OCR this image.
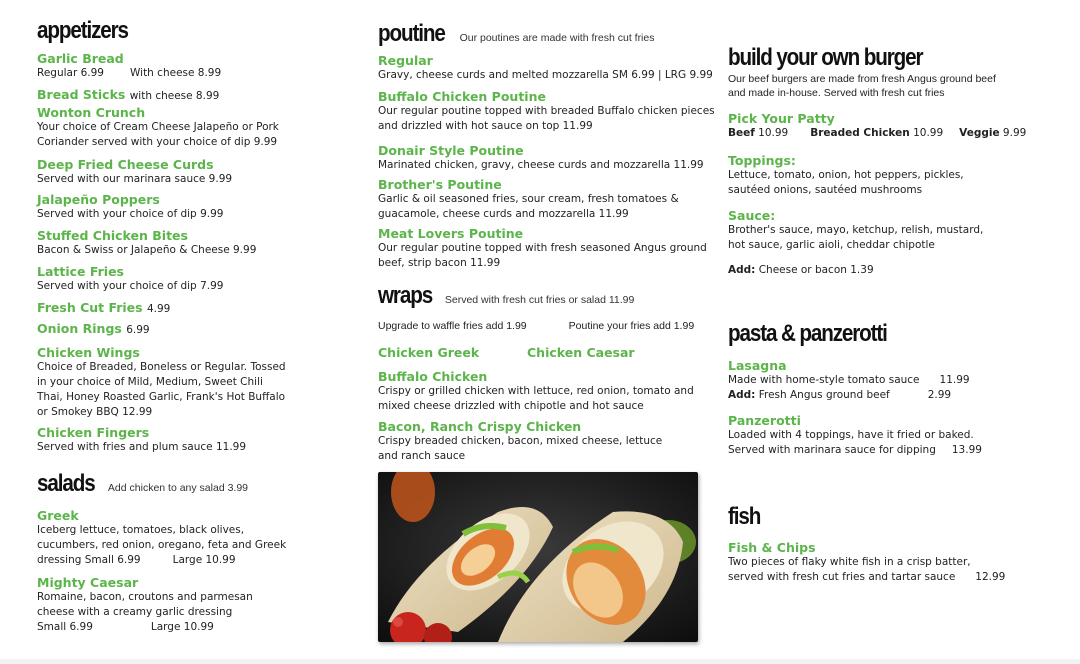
appetizers
Garlic Bread
Regular 6.99 With cheese 8.99
Bread Sticks with cheese 8.99
Wonton Crunch
Your choice of Cream Cheese Jalapeño or Pork
Coriander served with your choice of dip 9.99
Deep Fried Cheese Curds
Served with our marinara sauce 9.99
Jalapeño Poppers
Served with your choice of dip 9.99
Stuffed Chicken Bites
Bacon & Swiss or Jalapeño & Cheese 9.99
Lattice Fries
Served with your choice of dip 7.99
Fresh Cut Fries 4.99
Onion Rings 6.99
Chicken Wings
Choice of Breaded, Boneless or Regular. Tossed
in your choice of Mild, Medium, Sweet Chili
Thai, Honey Roasted Garlic, Frank's Hot Buffalo
or Smokey BBQ 12.99
Chicken Fingers
Served with fries and plum sauce 11.99
salads Add chicken to any salad 3.99
Greek
Iceberg lettuce, tomatoes, black olives,
cucumbers, red onion, oregano, feta and Greek
dressing Small 6.99	Large 10.99
Mighty Caesar
Romaine, bacon, croutons and parmesan
cheese with a creamy garlic dressing
Small 6.99	Large 10.99
poutine Our poutines are made with fresh cut fries
Regular
Gravy, cheese curds and melted mozzarella SM 6.99 | LRG 9.99
Buffalo Chicken Poutine
Our regular poutine topped with breaded Buffalo chicken pieces
and drizzled with hot sauce on top 11.99
Donair Style Poutine
Marinated chicken, gravy, cheese curds and mozzarella 11.99
Brother's Poutine
Garlic & oil seasoned fries, sour cream, fresh tomatoes &
guacamole, cheese curds and mozzarella 11.99
Meat Lovers Poutine
Our regular poutine topped with fresh seasoned Angus ground
beef, strip bacon 11.99
wraps Served with fresh cut fries or salad 11.99
Upgrade to waffle fries add 1.99	Poutine your fries add 1.99
Chicken Greek	Chicken Caesar
Buffalo Chicken
Crispy or grilled chicken with lettuce, red onion, tomato and
mixed cheese drizzled with chipotle and hot sauce
Bacon, Ranch Crispy Chicken
Crispy breaded chicken, bacon, mixed cheese, lettuce
and ranch sauce
build your own burger
Our beef burgers are made from fresh Angus ground beef
and made in-house. Served with fresh cut fries
Pick Your Patty
Beef 10.99 Breaded Chicken 10.99 Veggie 9.99
Toppings:
Lettuce, tomato, onion, hot peppers, pickles,
sautéed onions, sautéed mushrooms
Sauce:
Brother's sauce, mayo, ketchup, relish, mustard,
hot sauce, garlic aioli, cheddar chipotle
Add: Cheese or bacon 1.39
pasta & panzerotti
Lasagna
Made with home-style tomato sauce 11.99
Add: Fresh Angus ground beef	2.99
Panzerotti
Loaded with 4 toppings, have it fried or baked.
Served with marinara sauce for dipping 13.99
fish
Fish & Chips
Two pieces of flaky white fish in a crisp batter,
served with fresh cut fries and tartar sauce 12.99
